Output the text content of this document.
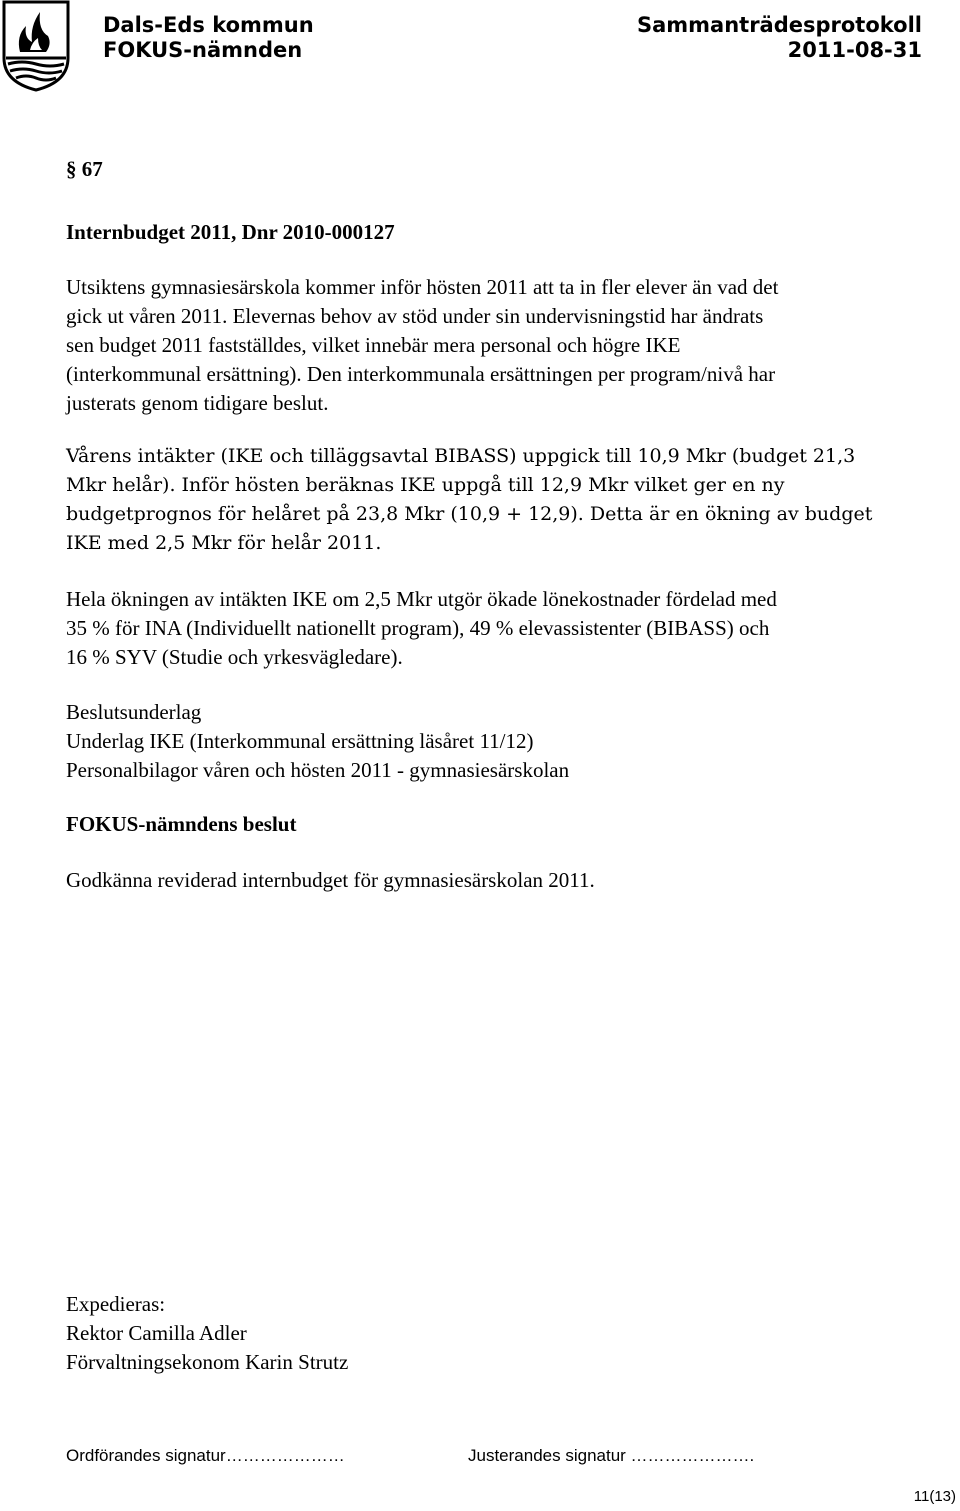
Dals-Eds kommun
FOKUS-nämnden
Sammanträdesprotokoll
2011-08-31
§ 67
Internbudget 2011, Dnr 2010-000127
Utsiktens gymnasiesärskola kommer inför hösten 2011 att ta in fler elever än vad det
gick ut våren 2011. Elevernas behov av stöd under sin undervisningstid har ändrats
sen budget 2011 fastställdes, vilket innebär mera personal och högre IKE
(interkommunal ersättning). Den interkommunala ersättningen per program/nivå har
justerats genom tidigare beslut.
Vårens intäkter (IKE och tilläggsavtal BIBASS) uppgick till 10,9 Mkr (budget 21,3
Mkr helår). Inför hösten beräknas IKE uppgå till 12,9 Mkr vilket ger en ny
budgetprognos för helåret på 23,8 Mkr (10,9 + 12,9). Detta är en ökning av budget
IKE med 2,5 Mkr för helår 2011.
Hela ökningen av intäkten IKE om 2,5 Mkr utgör ökade lönekostnader fördelad med
35 % för INA (Individuellt nationellt program), 49 % elevassistenter (BIBASS) och
16 % SYV (Studie och yrkesvägledare).
Beslutsunderlag
Underlag IKE (Interkommunal ersättning läsåret 11/12)
Personalbilagor våren och hösten 2011 - gymnasiesärskolan
FOKUS-nämndens beslut
Godkänna reviderad internbudget för gymnasiesärskolan 2011.
Expedieras:
Rektor Camilla Adler
Förvaltningsekonom Karin Strutz
Ordförandes signatur…………………	Justerandes signatur ………………….
11(13)
